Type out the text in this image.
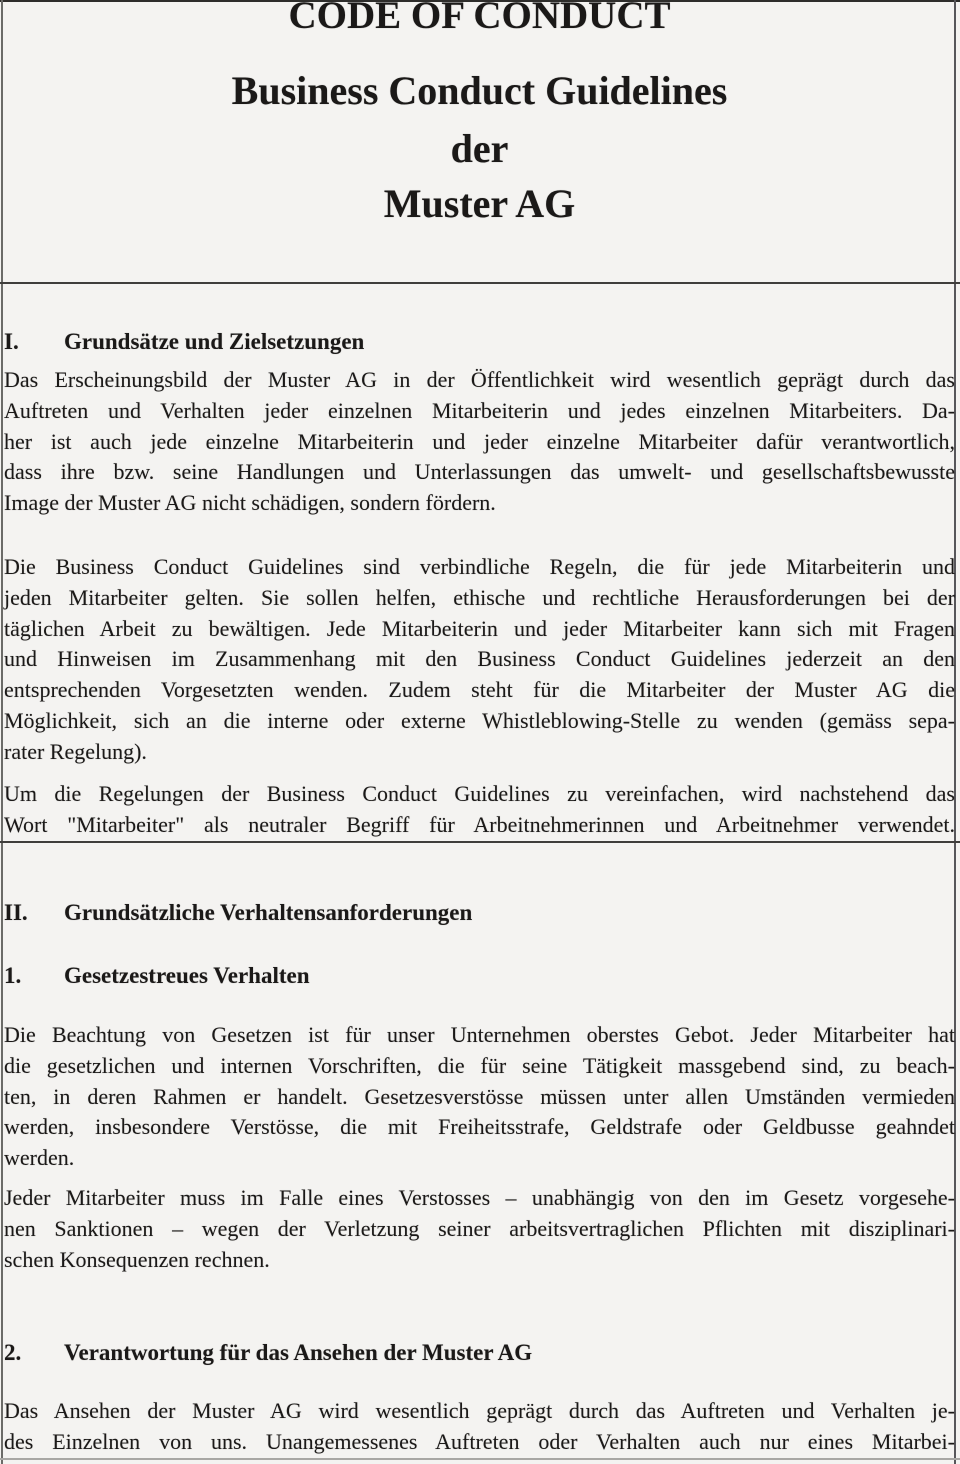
CODE OF CONDUCT
Business Conduct Guidelines
der
Muster AG
I.	Grundsätze und Zielsetzungen
Das Erscheinungsbild der Muster AG in der Öffentlichkeit wird wesentlich geprägt durch das
Auftreten und Verhalten jeder einzelnen Mitarbeiterin und jedes einzelnen Mitarbeiters. Da-
her ist auch jede einzelne Mitarbeiterin und jeder einzelne Mitarbeiter dafür verantwortlich,
dass ihre bzw. seine Handlungen und Unterlassungen das umwelt- und gesellschaftsbewusste
Image der Muster AG nicht schädigen, sondern fördern.
Die Business Conduct Guidelines sind verbindliche Regeln, die für jede Mitarbeiterin und
jeden Mitarbeiter gelten. Sie sollen helfen, ethische und rechtliche Herausforderungen bei der
täglichen Arbeit zu bewältigen. Jede Mitarbeiterin und jeder Mitarbeiter kann sich mit Fragen
und Hinweisen im Zusammenhang mit den Business Conduct Guidelines jederzeit an den
entsprechenden Vorgesetzten wenden. Zudem steht für die Mitarbeiter der Muster AG die
Möglichkeit, sich an die interne oder externe Whistleblowing-Stelle zu wenden (gemäss sepa-
rater Regelung).
Um die Regelungen der Business Conduct Guidelines zu vereinfachen, wird nachstehend das
Wort "Mitarbeiter" als neutraler Begriff für Arbeitnehmerinnen und Arbeitnehmer verwendet.
II.	Grundsätzliche Verhaltensanforderungen
1.	Gesetzestreues Verhalten
Die Beachtung von Gesetzen ist für unser Unternehmen oberstes Gebot. Jeder Mitarbeiter hat
die gesetzlichen und internen Vorschriften, die für seine Tätigkeit massgebend sind, zu beach-
ten, in deren Rahmen er handelt. Gesetzesverstösse müssen unter allen Umständen vermieden
werden, insbesondere Verstösse, die mit Freiheitsstrafe, Geldstrafe oder Geldbusse geahndet
werden.
Jeder Mitarbeiter muss im Falle eines Verstosses – unabhängig von den im Gesetz vorgesehe-
nen Sanktionen – wegen der Verletzung seiner arbeitsvertraglichen Pflichten mit disziplinari-
schen Konsequenzen rechnen.
2.	Verantwortung für das Ansehen der Muster AG
Das Ansehen der Muster AG wird wesentlich geprägt durch das Auftreten und Verhalten je-
des Einzelnen von uns. Unangemessenes Auftreten oder Verhalten auch nur eines Mitarbei-
